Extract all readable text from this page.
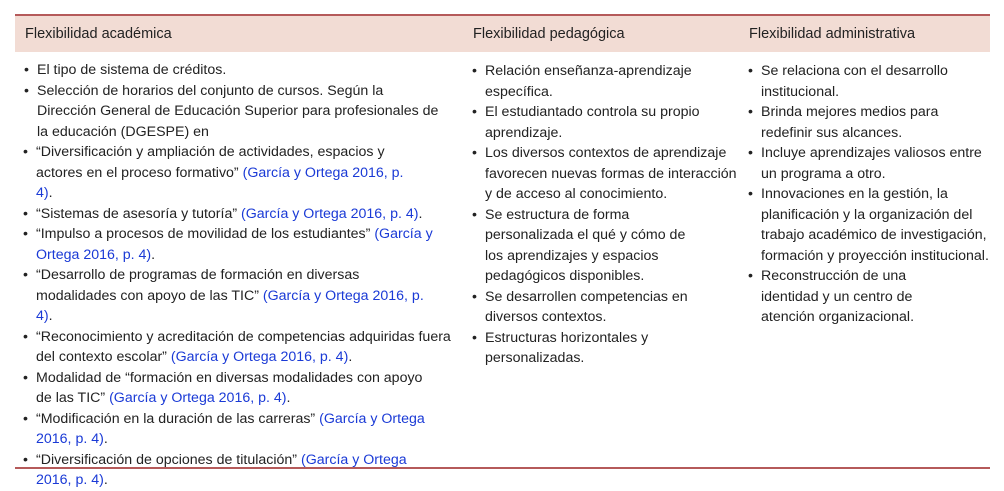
Flexibilidad académica	Flexibilidad pedagógica	Flexibilidad administrativa
• El tipo de sistema de créditos.
• Selección de horarios del conjunto de cursos. Según la Dirección General de Educación Superior para profesionales de la educación (DGESPE) en
• “Diversificación y ampliación de actividades, espacios y actores en el proceso formativo” (García y Ortega 2016, p. 4).
• “Sistemas de asesoría y tutoría” (García y Ortega 2016, p. 4).
• “Impulso a procesos de movilidad de los estudiantes” (García y Ortega 2016, p. 4).
• “Desarrollo de programas de formación en diversas modalidades con apoyo de las TIC” (García y Ortega 2016, p. 4).
• “Reconocimiento y acreditación de competencias adquiridas fuera del contexto escolar” (García y Ortega 2016, p. 4).
• Modalidad de “formación en diversas modalidades con apoyo de las TIC” (García y Ortega 2016, p. 4).
• “Modificación en la duración de las carreras” (García y Ortega 2016, p. 4).
• “Diversificación de opciones de titulación” (García y Ortega 2016, p. 4).
• Relación enseñanza-aprendizaje específica.
• El estudiantado controla su propio aprendizaje.
• Los diversos contextos de aprendizaje favorecen nuevas formas de interacción y de acceso al conocimiento.
• Se estructura de forma personalizada el qué y cómo de los aprendizajes y espacios pedagógicos disponibles.
• Se desarrollen competencias en diversos contextos.
• Estructuras horizontales y personalizadas.
• Se relaciona con el desarrollo institucional.
• Brinda mejores medios para redefinir sus alcances.
• Incluye aprendizajes valiosos entre un programa a otro.
• Innovaciones en la gestión, la planificación y la organización del trabajo académico de investigación, formación y proyección institucional.
• Reconstrucción de una identidad y un centro de atención organizacional.
